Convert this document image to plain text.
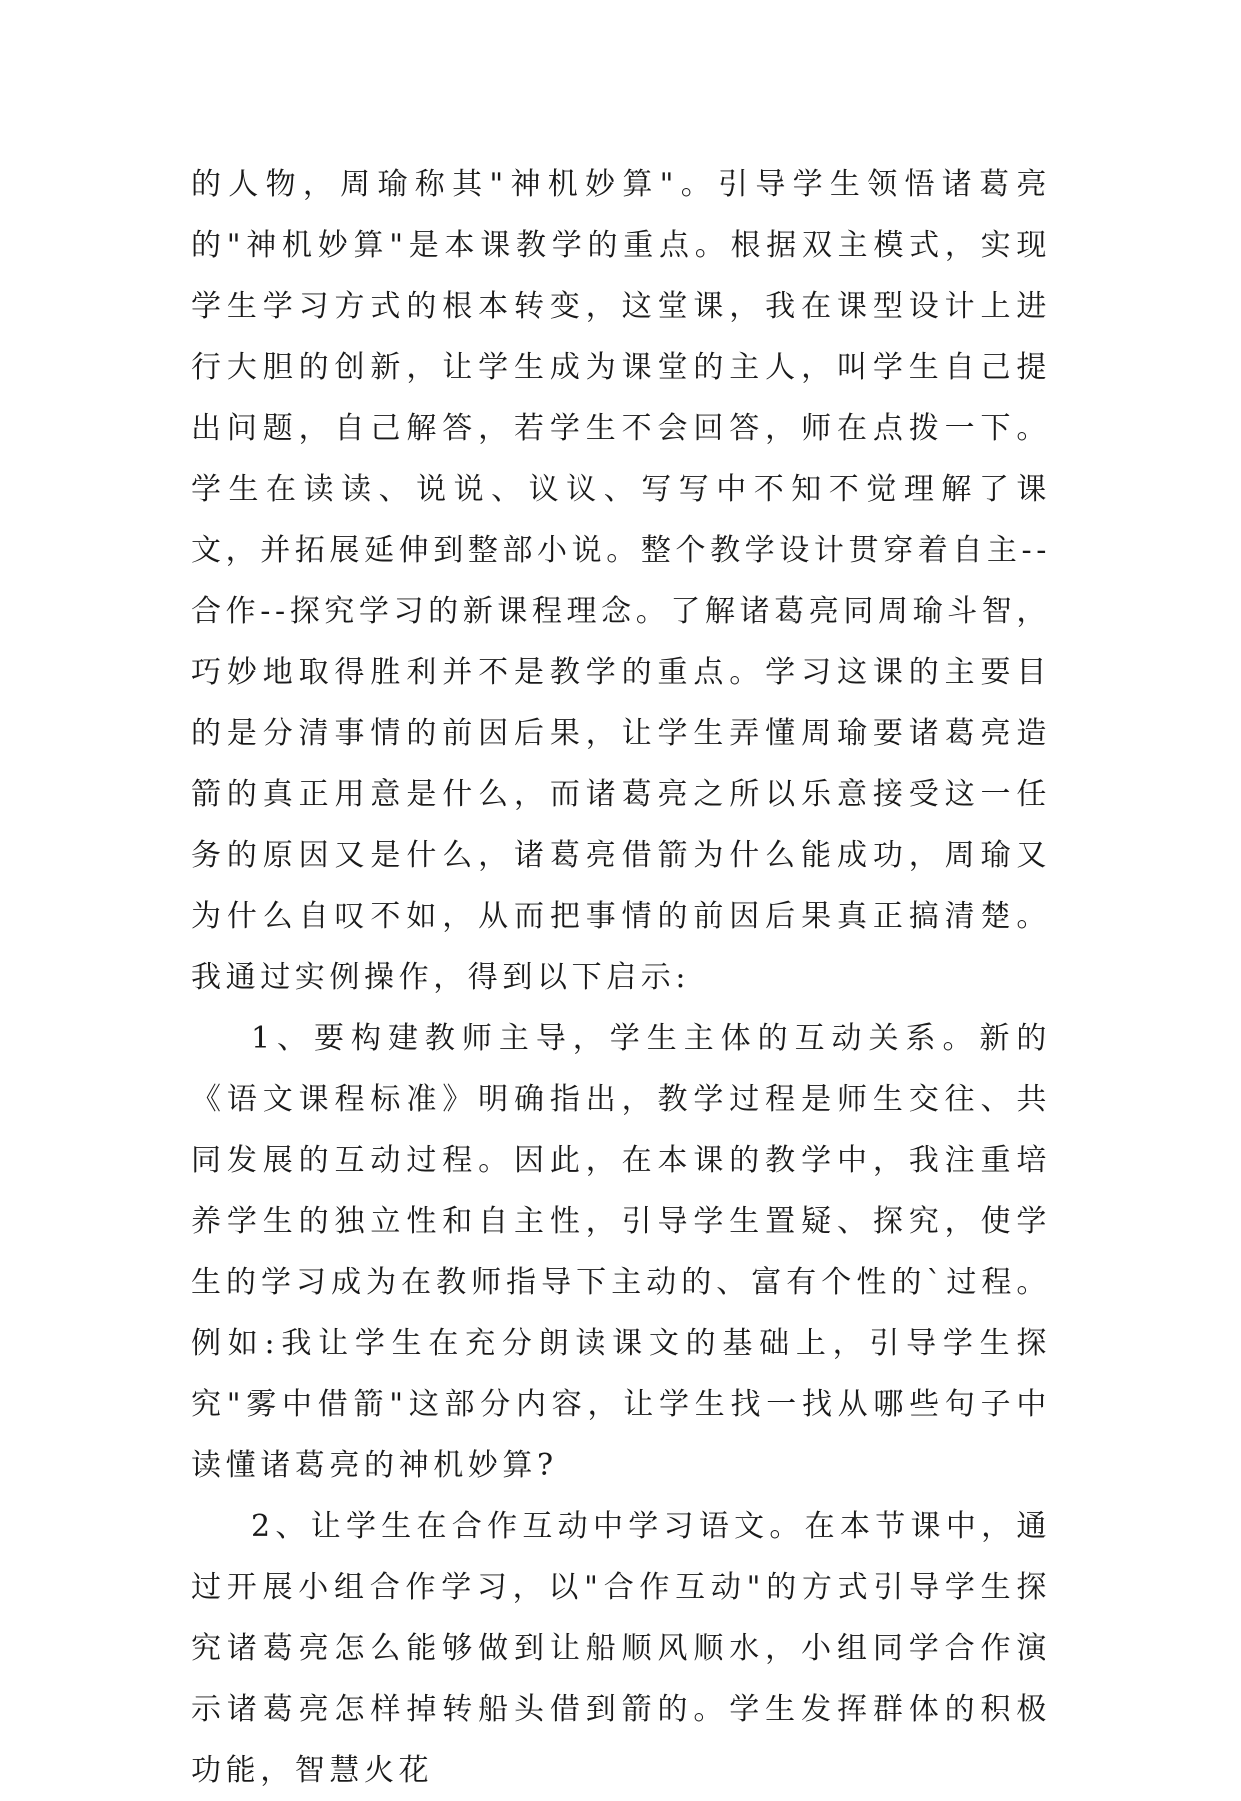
的人物，周瑜称其"神机妙算"。引导学生领悟诸葛亮的"神机妙算"是本课教学的重点。根据双主模式，实现学生学习方式的根本转变，这堂课，我在课型设计上进行大胆的创新，让学生成为课堂的主人，叫学生自己提出问题，自己解答，若学生不会回答，师在点拨一下。学生在读读、说说、议议、写写中不知不觉理解了课文，并拓展延伸到整部小说。整个教学设计贯穿着自主--合作--探究学习的新课程理念。了解诸葛亮同周瑜斗智，巧妙地取得胜利并不是教学的重点。学习这课的主要目的是分清事情的前因后果，让学生弄懂周瑜要诸葛亮造箭的真正用意是什么，而诸葛亮之所以乐意接受这一任务的原因又是什么，诸葛亮借箭为什么能成功，周瑜又为什么自叹不如，从而把事情的前因后果真正搞清楚。我通过实例操作，得到以下启示:

1、要构建教师主导，学生主体的互动关系。新的《语文课程标准》明确指出，教学过程是师生交往、共同发展的互动过程。因此，在本课的教学中，我注重培养学生的独立性和自主性，引导学生置疑、探究，使学生的学习成为在教师指导下主动的、富有个性的`过程。例如:我让学生在充分朗读课文的基础上，引导学生探究"雾中借箭"这部分内容，让学生找一找从哪些句子中读懂诸葛亮的神机妙算?

2、让学生在合作互动中学习语文。在本节课中，通过开展小组合作学习，以"合作互动"的方式引导学生探究诸葛亮怎么能够做到让船顺风顺水，小组同学合作演示诸葛亮怎样掉转船头借到箭的。学生发挥群体的积极功能，智慧火花
